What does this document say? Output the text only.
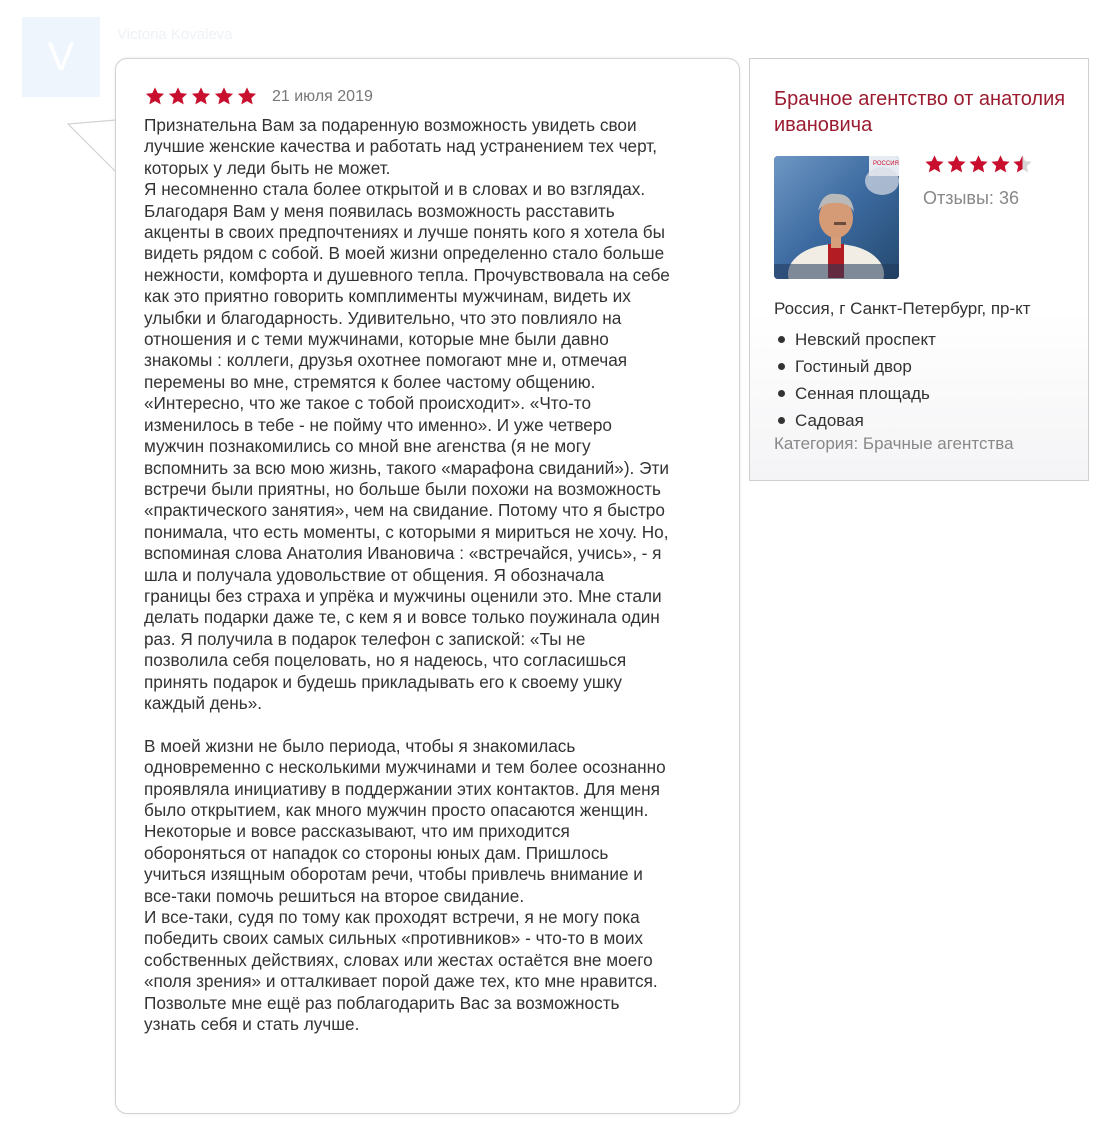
V	Victoria Kovaleva
21 июля 2019

Признательна Вам за подаренную возможность увидеть свои
лучшие женские качества и работать над устранением тех черт,
которых у леди быть не может.
Я несомненно стала более открытой и в словах и во взглядах.
Благодаря Вам у меня появилась возможность расставить
акценты в своих предпочтениях и лучше понять кого я хотела бы
видеть рядом с собой. В моей жизни определенно стало больше
нежности, комфорта и душевного тепла. Прочувствовала на себе
как это приятно говорить комплименты мужчинам, видеть их
улыбки и благодарность. Удивительно, что это повлияло на
отношения и с теми мужчинами, которые мне были давно
знакомы : коллеги, друзья охотнее помогают мне и, отмечая
перемены во мне, стремятся к более частому общению.
«Интересно, что же такое с тобой происходит». «Что-то
изменилось в тебе - не пойму что именно». И уже четверо
мужчин познакомились со мной вне агенства (я не могу
вспомнить за всю мою жизнь, такого «марафона свиданий»). Эти
встречи были приятны, но больше были похожи на возможность
«практического занятия», чем на свидание. Потому что я быстро
понимала, что есть моменты, с которыми я мириться не хочу. Но,
вспоминая слова Анатолия Ивановича : «встречайся, учись», - я
шла и получала удовольствие от общения. Я обозначала
границы без страха и упрёка и мужчины оценили это. Мне стали
делать подарки даже те, с кем я и вовсе только поужинала один
раз. Я получила в подарок телефон с запиской: «Ты не
позволила себя поцеловать, но я надеюсь, что согласишься
принять подарок и будешь прикладывать его к своему ушку
каждый день».

В моей жизни не было периода, чтобы я знакомилась
одновременно с несколькими мужчинами и тем более осознанно
проявляла инициативу в поддержании этих контактов. Для меня
было открытием, как много мужчин просто опасаются женщин.
Некоторые и вовсе рассказывают, что им приходится
обороняться от нападок со стороны юных дам. Пришлось
учиться изящным оборотам речи, чтобы привлечь внимание и
все-таки помочь решиться на второе свидание.
И все-таки, судя по тому как проходят встречи, я не могу пока
победить своих самых сильных «противников» - что-то в моих
собственных действиях, словах или жестах остаётся вне моего
«поля зрения» и отталкивает порой даже тех, кто мне нравится.
Позвольте мне ещё раз поблагодарить Вас за возможность
узнать себя и стать лучше.

Брачное агентство от анатолия ивановича
РОССИЯ
Отзывы: 36
Россия, г Санкт-Петербург, пр-кт
Невский проспект
Гостиный двор
Сенная площадь
Садовая
Категория: Брачные агентства
